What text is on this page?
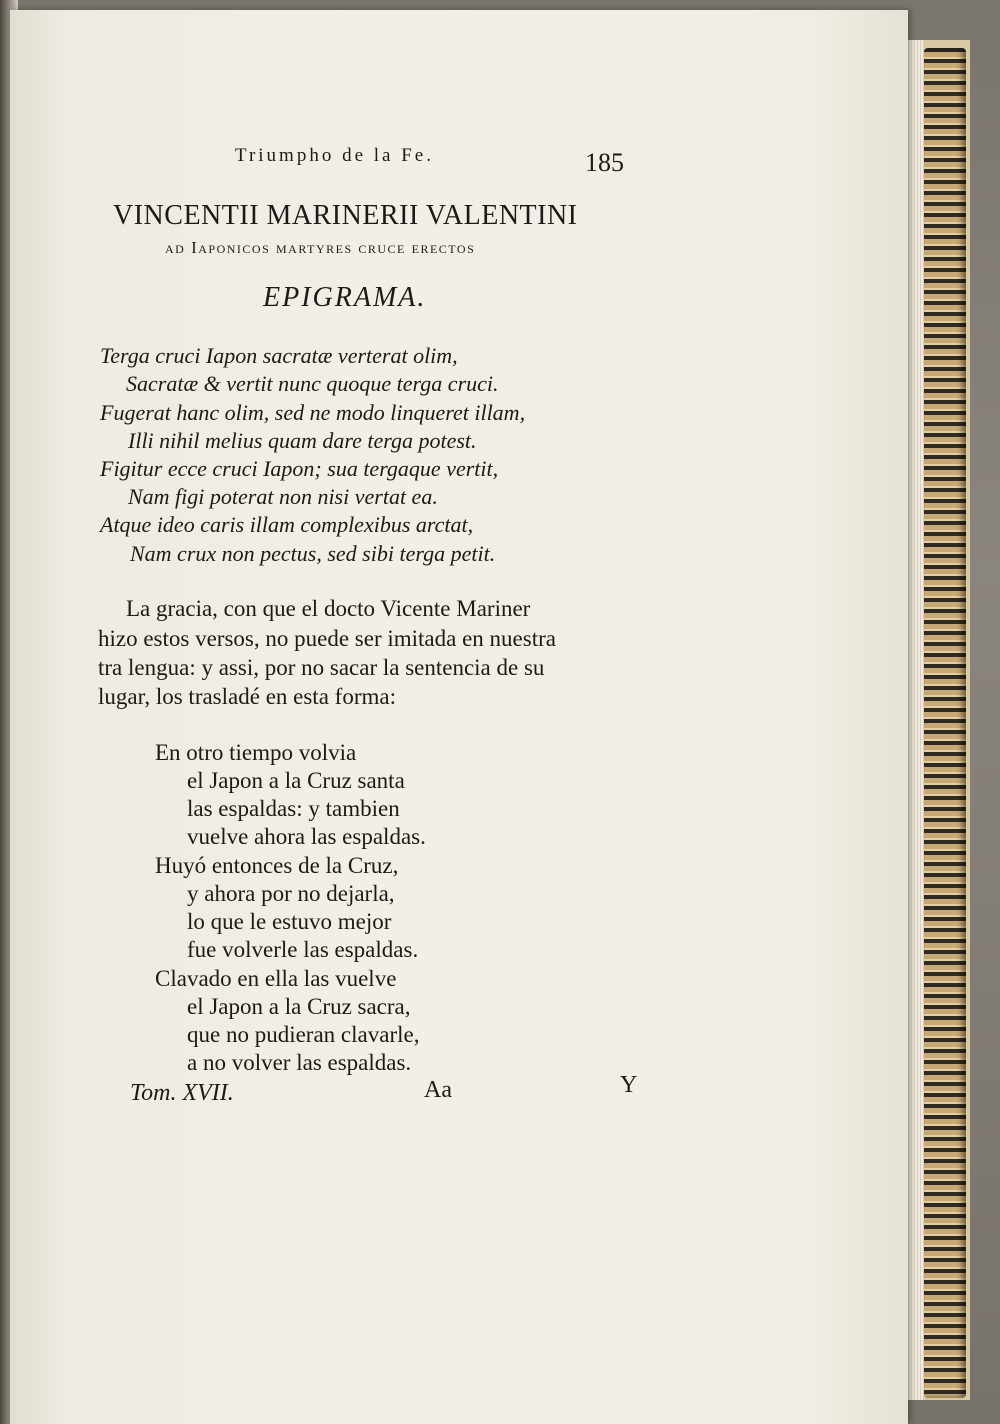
Triumpho de la Fe.	185
VINCENTII MARINERII VALENTINI
ad Iaponicos martyres cruce erectos
EPIGRAMA.
Terga cruci Iapon sacratæ verterat olim,
Sacratæ & vertit nunc quoque terga cruci.
Fugerat hanc olim, sed ne modo linqueret illam,
Illi nihil melius quam dare terga potest.
Figitur ecce cruci Iapon; sua tergaque vertit,
Nam figi poterat non nisi vertat ea.
Atque ideo caris illam complexibus arctat,
Nam crux non pectus, sed sibi terga petit.
La gracia, con que el docto Vicente Mariner
hizo estos versos, no puede ser imitada en nuestra
tra lengua: y assi, por no sacar la sentencia de su
lugar, los trasladé en esta forma:
En otro tiempo volvia
el Japon a la Cruz santa
las espaldas: y tambien
vuelve ahora las espaldas.
Huyó entonces de la Cruz,
y ahora por no dejarla,
lo que le estuvo mejor
fue volverle las espaldas.
Clavado en ella las vuelve
el Japon a la Cruz sacra,
que no pudieran clavarle,
a no volver las espaldas.
Tom. XVII.	Aa	Y
